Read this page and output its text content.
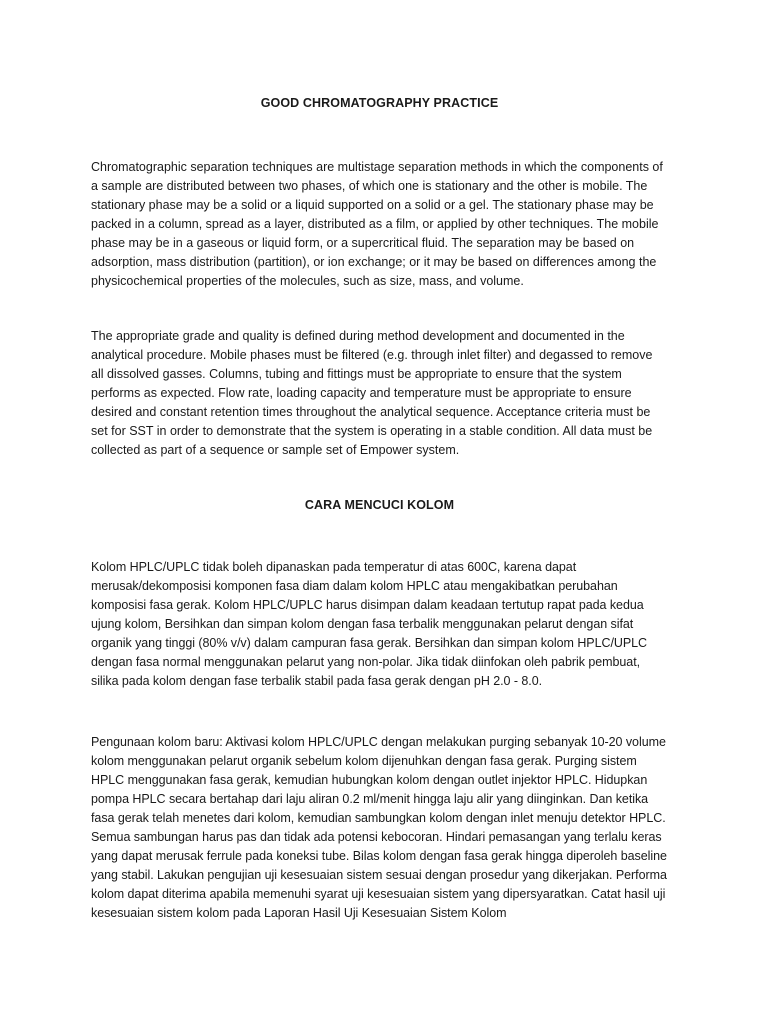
GOOD CHROMATOGRAPHY PRACTICE

Chromatographic separation techniques are multistage separation methods in which the components of a sample are distributed between two phases, of which one is stationary and the other is mobile. The stationary phase may be a solid or a liquid supported on a solid or a gel. The stationary phase may be packed in a column, spread as a layer, distributed as a film, or applied by other techniques. The mobile phase may be in a gaseous or liquid form, or a supercritical fluid. The separation may be based on adsorption, mass distribution (partition), or ion exchange; or it may be based on differences among the physicochemical properties of the molecules, such as size, mass, and volume.

The appropriate grade and quality is defined during method development and documented in the analytical procedure. Mobile phases must be filtered (e.g. through inlet filter) and degassed to remove all dissolved gasses. Columns, tubing and fittings must be appropriate to ensure that the system performs as expected. Flow rate, loading capacity and temperature must be appropriate to ensure desired and constant retention times throughout the analytical sequence. Acceptance criteria must be set for SST in order to demonstrate that the system is operating in a stable condition. All data must be collected as part of a sequence or sample set of Empower system.

CARA MENCUCI KOLOM

Kolom HPLC/UPLC tidak boleh dipanaskan pada temperatur di atas 600C, karena dapat merusak/dekomposisi komponen fasa diam dalam kolom HPLC atau mengakibatkan perubahan komposisi fasa gerak. Kolom HPLC/UPLC harus disimpan dalam keadaan tertutup rapat pada kedua ujung kolom, Bersihkan dan simpan kolom dengan fasa terbalik menggunakan pelarut dengan sifat organik yang tinggi (80% v/v) dalam campuran fasa gerak. Bersihkan dan simpan kolom HPLC/UPLC dengan fasa normal menggunakan pelarut yang non-polar. Jika tidak diinfokan oleh pabrik pembuat, silika pada kolom dengan fase terbalik stabil pada fasa gerak dengan pH 2.0 - 8.0.

Pengunaan kolom baru: Aktivasi kolom HPLC/UPLC dengan melakukan purging sebanyak 10-20 volume kolom menggunakan pelarut organik sebelum kolom dijenuhkan dengan fasa gerak. Purging sistem HPLC menggunakan fasa gerak, kemudian hubungkan kolom dengan outlet injektor HPLC. Hidupkan pompa HPLC secara bertahap dari laju aliran 0.2 ml/menit hingga laju alir yang diinginkan. Dan ketika fasa gerak telah menetes dari kolom, kemudian sambungkan kolom dengan inlet menuju detektor HPLC. Semua sambungan harus pas dan tidak ada potensi kebocoran. Hindari pemasangan yang terlalu keras yang dapat merusak ferrule pada koneksi tube. Bilas kolom dengan fasa gerak hingga diperoleh baseline yang stabil. Lakukan pengujian uji kesesuaian sistem sesuai dengan prosedur yang dikerjakan. Performa kolom dapat diterima apabila memenuhi syarat uji kesesuaian sistem yang dipersyaratkan. Catat hasil uji kesesuaian sistem kolom pada Laporan Hasil Uji Kesesuaian Sistem Kolom
